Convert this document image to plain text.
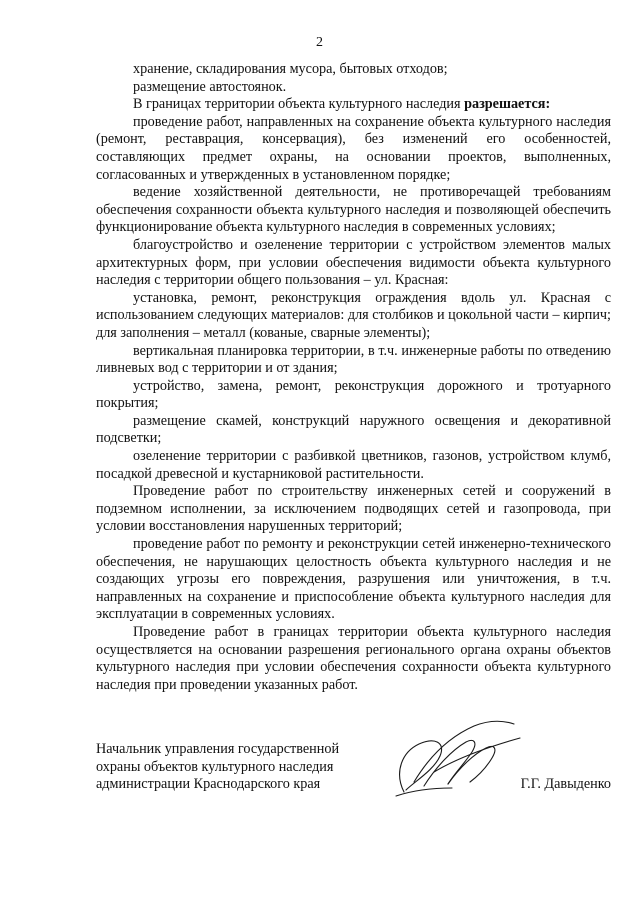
2

хранение, складирования мусора, бытовых отходов;

размещение автостоянок.

В границах территории объекта культурного наследия разрешается:

проведение работ, направленных на сохранение объекта культурного наследия (ремонт, реставрация, консервация), без изменений его особенностей, составляющих предмет охраны, на основании проектов, выполненных, согласованных и утвержденных в установленном порядке;

ведение хозяйственной деятельности, не противоречащей требованиям обеспечения сохранности объекта культурного наследия и позволяющей обеспечить функционирование объекта культурного наследия в современных условиях;

благоустройство и озеленение территории с устройством элементов малых архитектурных форм, при условии обеспечения видимости объекта культурного наследия с территории общего пользования – ул. Красная:

установка, ремонт, реконструкция ограждения вдоль ул. Красная с использованием следующих материалов: для столбиков и цокольной части – кирпич; для заполнения – металл (кованые, сварные элементы);

вертикальная планировка территории, в т.ч. инженерные работы по отведению ливневых вод с территории и от здания;

устройство, замена, ремонт, реконструкция дорожного и тротуарного покрытия;

размещение скамей, конструкций наружного освещения и декоративной подсветки;

озеленение территории с разбивкой цветников, газонов, устройством клумб, посадкой древесной и кустарниковой растительности.

Проведение работ по строительству инженерных сетей и сооружений в подземном исполнении, за исключением подводящих сетей и газопровода, при условии восстановления нарушенных территорий;

проведение работ по ремонту и реконструкции сетей инженерно-технического обеспечения, не нарушающих целостность объекта культурного наследия и не создающих угрозы его повреждения, разрушения или уничтожения, в т.ч. направленных на сохранение и приспособление объекта культурного наследия для эксплуатации в современных условиях.

Проведение работ в границах территории объекта культурного наследия осуществляется на основании разрешения регионального органа охраны объектов культурного наследия при условии обеспечения сохранности объекта культурного наследия при проведении указанных работ.

Начальник управления государственной
охраны объектов культурного наследия
администрации Краснодарского края	Г.Г. Давыденко
